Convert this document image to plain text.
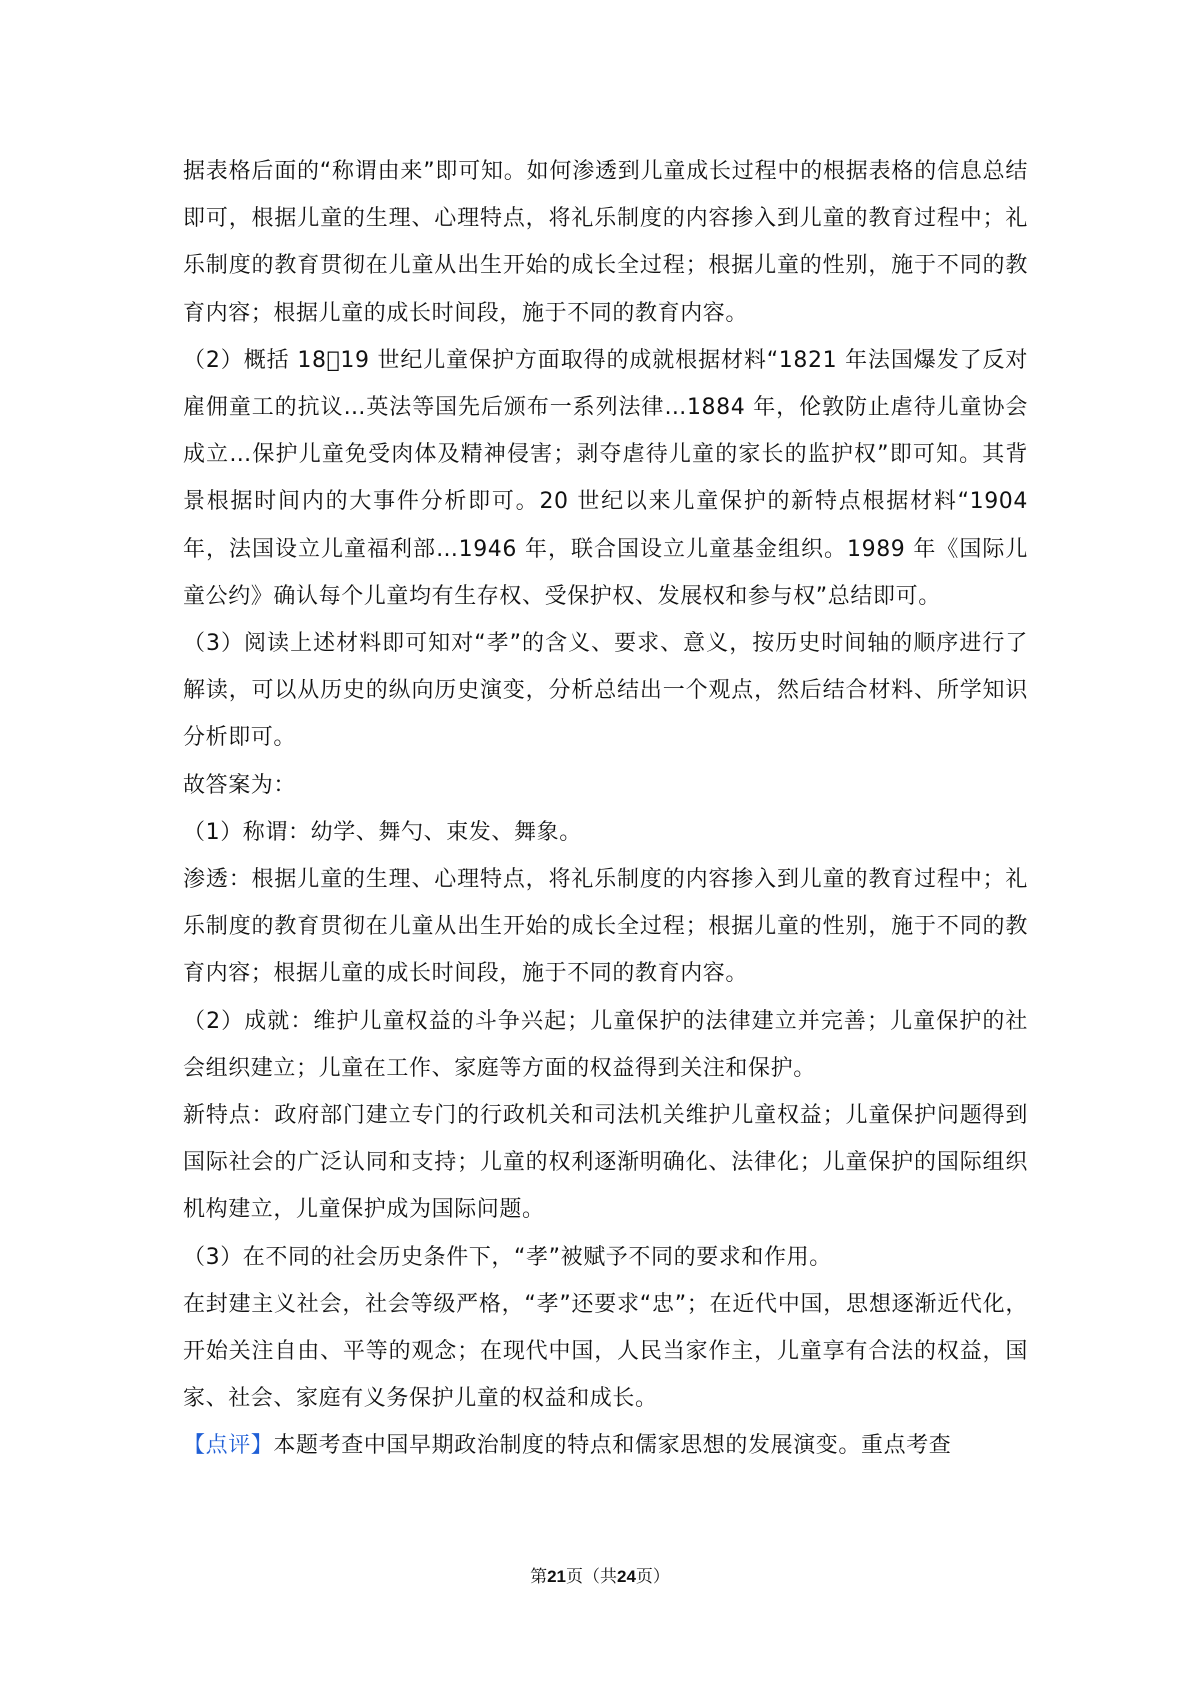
据表格后面的“称谓由来”即可知。如何渗透到儿童成长过程中的根据表格的信息总结即可，根据儿童的生理、心理特点，将礼乐制度的内容掺入到儿童的教育过程中；礼乐制度的教育贯彻在儿童从出生开始的成长全过程；根据儿童的性别，施于不同的教育内容；根据儿童的成长时间段，施于不同的教育内容。

（2）概括 18􀀁19 世纪儿童保护方面取得的成就根据材料“1821 年法国爆发了反对雇佣童工的抗议…英法等国先后颁布一系列法律…1884 年，伦敦防止虐待儿童协会成立…保护儿童免受肉体及精神侵害；剥夺虐待儿童的家长的监护权”即可知。其背景根据时间内的大事件分析即可。20 世纪以来儿童保护的新特点根据材料“1904 年，法国设立儿童福利部…1946 年，联合国设立儿童基金组织。1989 年《国际儿童公约》确认每个儿童均有生存权、受保护权、发展权和参与权”总结即可。

（3）阅读上述材料即可知对“孝”的含义、要求、意义，按历史时间轴的顺序进行了解读，可以从历史的纵向历史演变，分析总结出一个观点，然后结合材料、所学知识分析即可。

故答案为：

（1）称谓：幼学、舞勺、束发、舞象。

渗透：根据儿童的生理、心理特点，将礼乐制度的内容掺入到儿童的教育过程中；礼乐制度的教育贯彻在儿童从出生开始的成长全过程；根据儿童的性别，施于不同的教育内容；根据儿童的成长时间段，施于不同的教育内容。

（2）成就：维护儿童权益的斗争兴起；儿童保护的法律建立并完善；儿童保护的社会组织建立；儿童在工作、家庭等方面的权益得到关注和保护。

新特点：政府部门建立专门的行政机关和司法机关维护儿童权益；儿童保护问题得到国际社会的广泛认同和支持；儿童的权利逐渐明确化、法律化；儿童保护的国际组织机构建立，儿童保护成为国际问题。

（3）在不同的社会历史条件下，“孝”被赋予不同的要求和作用。

在封建主义社会，社会等级严格，“孝”还要求“忠”；在近代中国，思想逐渐近代化，开始关注自由、平等的观念；在现代中国，人民当家作主，儿童享有合法的权益，国家、社会、家庭有义务保护儿童的权益和成长。

【点评】本题考查中国早期政治制度的特点和儒家思想的发展演变。重点考查

第21页（共24页）
